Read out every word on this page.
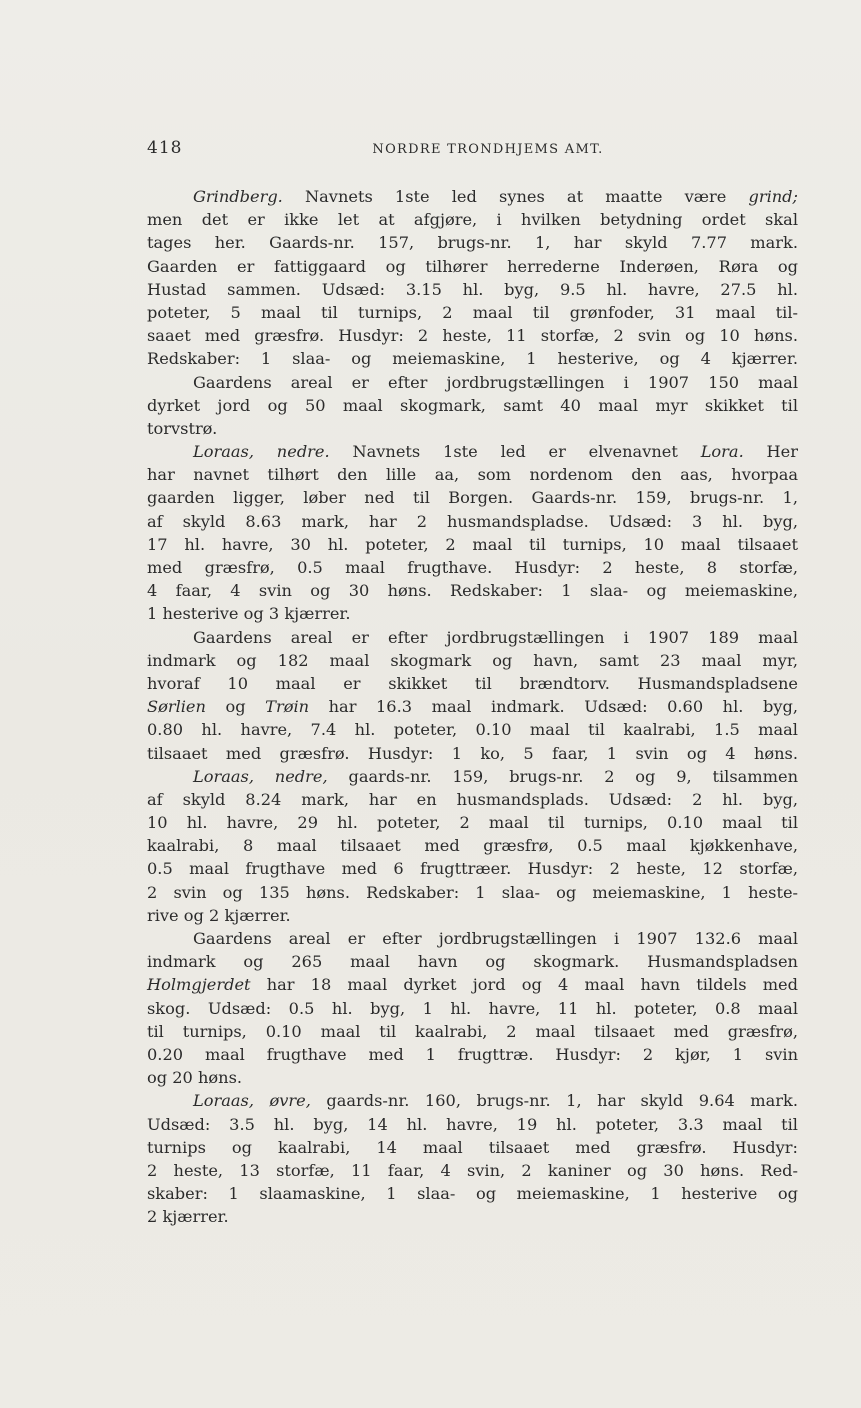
418	NORDRE TRONDHJEMS AMT.
Grindberg. Navnets 1ste led synes at maatte være grind;
men det er ikke let at afgjøre, i hvilken betydning ordet skal
tages her. Gaards-nr. 157, brugs-nr. 1, har skyld 7.77 mark.
Gaarden er fattiggaard og tilhører herrederne Inderøen, Røra og
Hustad sammen. Udsæd: 3.15 hl. byg, 9.5 hl. havre, 27.5 hl.
poteter, 5 maal til turnips, 2 maal til grønfoder, 31 maal til-
saaet med græsfrø. Husdyr: 2 heste, 11 storfæ, 2 svin og 10 høns.
Redskaber: 1 slaa- og meiemaskine, 1 hesterive, og 4 kjærrer.
Gaardens areal er efter jordbrugstællingen i 1907 150 maal
dyrket jord og 50 maal skogmark, samt 40 maal myr skikket til
torvstrø.
Loraas, nedre. Navnets 1ste led er elvenavnet Lora. Her
har navnet tilhørt den lille aa, som nordenom den aas, hvorpaa
gaarden ligger, løber ned til Borgen. Gaards-nr. 159, brugs-nr. 1,
af skyld 8.63 mark, har 2 husmandspladse. Udsæd: 3 hl. byg,
17 hl. havre, 30 hl. poteter, 2 maal til turnips, 10 maal tilsaaet
med græsfrø, 0.5 maal frugthave. Husdyr: 2 heste, 8 storfæ,
4 faar, 4 svin og 30 høns. Redskaber: 1 slaa- og meiemaskine,
1 hesterive og 3 kjærrer.
Gaardens areal er efter jordbrugstællingen i 1907 189 maal
indmark og 182 maal skogmark og havn, samt 23 maal myr,
hvoraf 10 maal er skikket til brændtorv. Husmandspladsene
Sørlien og Trøin har 16.3 maal indmark. Udsæd: 0.60 hl. byg,
0.80 hl. havre, 7.4 hl. poteter, 0.10 maal til kaalrabi, 1.5 maal
tilsaaet med græsfrø. Husdyr: 1 ko, 5 faar, 1 svin og 4 høns.
Loraas, nedre, gaards-nr. 159, brugs-nr. 2 og 9, tilsammen
af skyld 8.24 mark, har en husmandsplads. Udsæd: 2 hl. byg,
10 hl. havre, 29 hl. poteter, 2 maal til turnips, 0.10 maal til
kaalrabi, 8 maal tilsaaet med græsfrø, 0.5 maal kjøkkenhave,
0.5 maal frugthave med 6 frugttræer. Husdyr: 2 heste, 12 storfæ,
2 svin og 135 høns. Redskaber: 1 slaa- og meiemaskine, 1 heste-
rive og 2 kjærrer.
Gaardens areal er efter jordbrugstællingen i 1907 132.6 maal
indmark og 265 maal havn og skogmark. Husmandspladsen
Holmgjerdet har 18 maal dyrket jord og 4 maal havn tildels med
skog. Udsæd: 0.5 hl. byg, 1 hl. havre, 11 hl. poteter, 0.8 maal
til turnips, 0.10 maal til kaalrabi, 2 maal tilsaaet med græsfrø,
0.20 maal frugthave med 1 frugttræ. Husdyr: 2 kjør, 1 svin
og 20 høns.
Loraas, øvre, gaards-nr. 160, brugs-nr. 1, har skyld 9.64 mark.
Udsæd: 3.5 hl. byg, 14 hl. havre, 19 hl. poteter, 3.3 maal til
turnips og kaalrabi, 14 maal tilsaaet med græsfrø. Husdyr:
2 heste, 13 storfæ, 11 faar, 4 svin, 2 kaniner og 30 høns. Red-
skaber: 1 slaamaskine, 1 slaa- og meiemaskine, 1 hesterive og
2 kjærrer.
